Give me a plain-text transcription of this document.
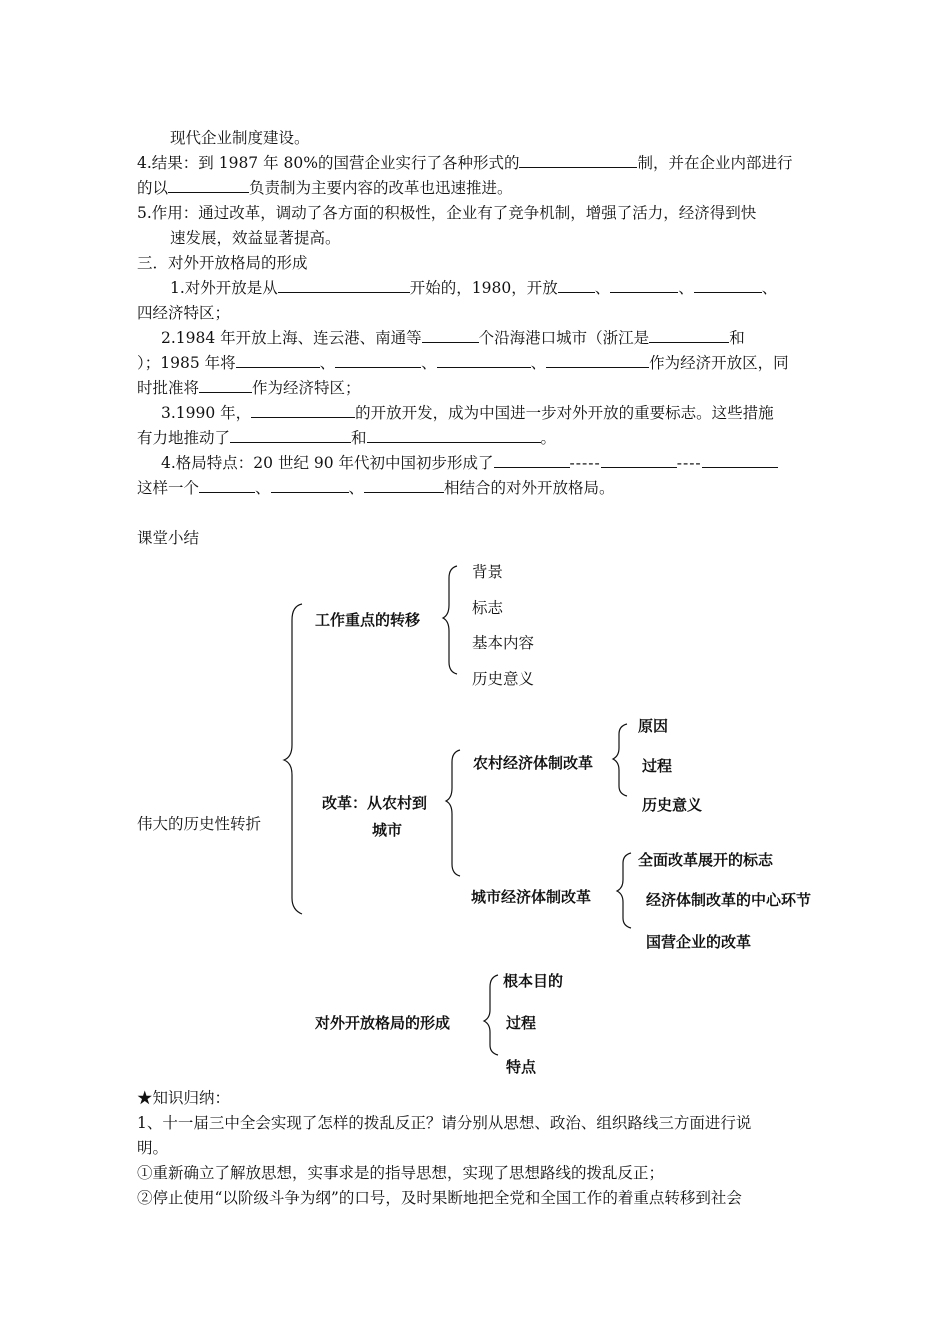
现代企业制度建设。
4.结果：到 1987 年 80%的国营企业实行了各种形式的	制，并在企业内部进行
的以	负责制为主要内容的改革也迅速推进。
5.作用：通过改革，调动了各方面的积极性，企业有了竞争机制，增强了活力，经济得到快
速发展，效益显著提高。
三．对外开放格局的形成
1.对外开放是从	开始的，1980，开放 、	、	、
四经济特区；
2.1984 年开放上海、连云港、南通等	个沿海港口城市（浙江是	和
）；1985 年将	、	、	、	作为经济开放区，同
时批准将	作为经济特区；
3.1990 年，	的开放开发，成为中国进一步对外开放的重要标志。这些措施
有力地推动了	和	。
4.格局特点：20 世纪 90 年代初中国初步形成了	-----	----
这样一个	、	、	相结合的对外开放格局。
课堂小结
伟大的历史性转折
工作重点的转移
背景
标志
基本内容
历史意义
改革：从农村到
城市
农村经济体制改革
原因
过程
历史意义
城市经济体制改革
全面改革展开的标志
经济体制改革的中心环节
国营企业的改革
对外开放格局的形成
根本目的
过程
特点
★知识归纳：
1、十一届三中全会实现了怎样的拨乱反正？请分别从思想、政治、组织路线三方面进行说
明。
①重新确立了解放思想，实事求是的指导思想，实现了思想路线的拨乱反正；
②停止使用“以阶级斗争为纲”的口号，及时果断地把全党和全国工作的着重点转移到社会
